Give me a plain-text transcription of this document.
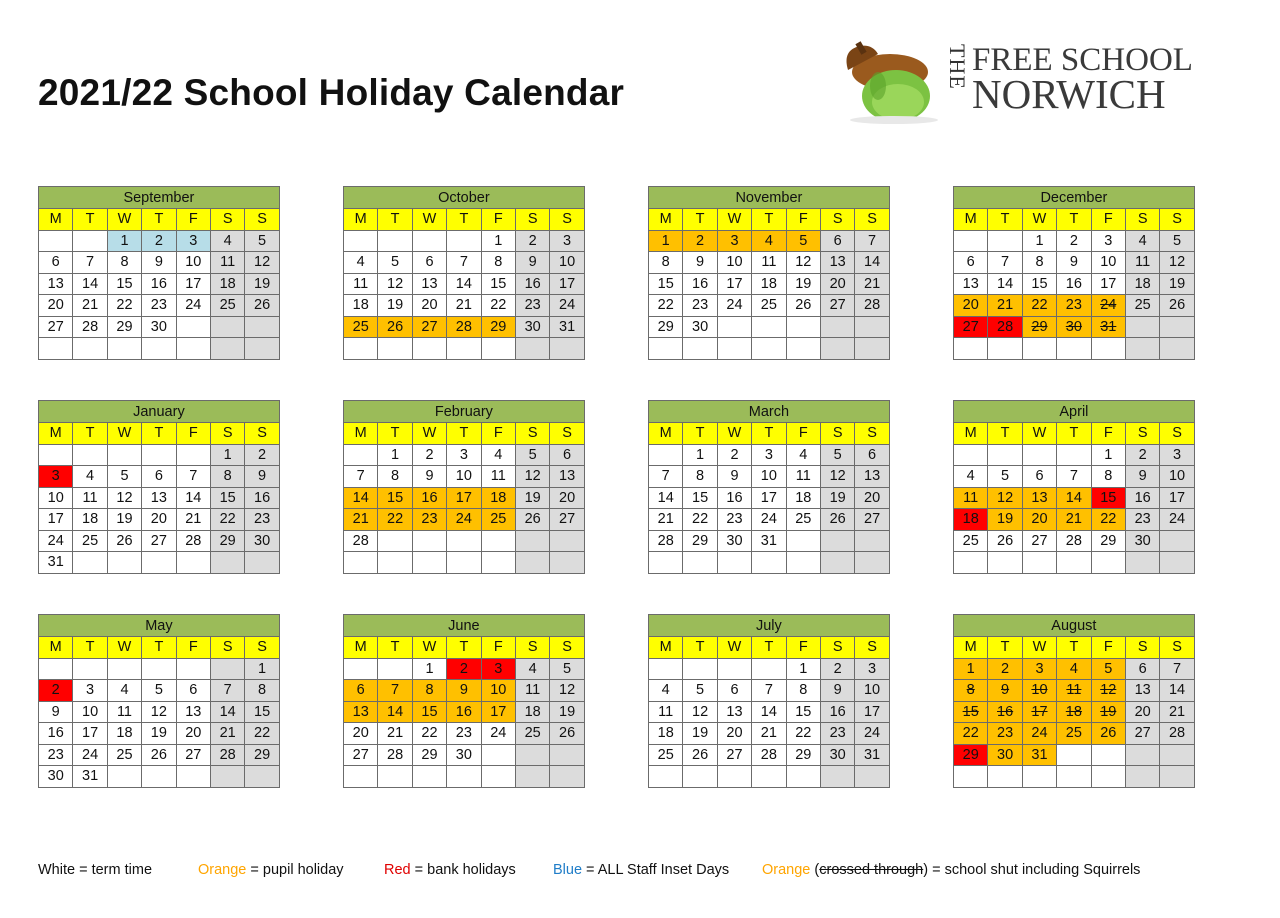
2021/22 School Holiday Calendar
THE FREE SCHOOL
NORWICH
September						
M	T	W	T	F	S	S
		1	2	3	4	5
6	7	8	9	10	11	12
13	14	15	16	17	18	19
20	21	22	23	24	25	26
27	28	29	30			

October						
M	T	W	T	F	S	S
				1	2	3
4	5	6	7	8	9	10
11	12	13	14	15	16	17
18	19	20	21	22	23	24
25	26	27	28	29	30	31

November						
M	T	W	T	F	S	S
1	2	3	4	5	6	7
8	9	10	11	12	13	14
15	16	17	18	19	20	21
22	23	24	25	26	27	28
29	30					

December						
M	T	W	T	F	S	S
		1	2	3	4	5
6	7	8	9	10	11	12
13	14	15	16	17	18	19
20	21	22	23	24	25	26
27	28	29	30	31		

January						
M	T	W	T	F	S	S
					1	2
3	4	5	6	7	8	9
10	11	12	13	14	15	16
17	18	19	20	21	22	23
24	25	26	27	28	29	30
31						
February						
M	T	W	T	F	S	S
	1	2	3	4	5	6
7	8	9	10	11	12	13
14	15	16	17	18	19	20
21	22	23	24	25	26	27
28						

March						
M	T	W	T	F	S	S
	1	2	3	4	5	6
7	8	9	10	11	12	13
14	15	16	17	18	19	20
21	22	23	24	25	26	27
28	29	30	31			

April						
M	T	W	T	F	S	S
				1	2	3
4	5	6	7	8	9	10
11	12	13	14	15	16	17
18	19	20	21	22	23	24
25	26	27	28	29	30	

May						
M	T	W	T	F	S	S
						1
2	3	4	5	6	7	8
9	10	11	12	13	14	15
16	17	18	19	20	21	22
23	24	25	26	27	28	29
30	31					
June						
M	T	W	T	F	S	S
		1	2	3	4	5
6	7	8	9	10	11	12
13	14	15	16	17	18	19
20	21	22	23	24	25	26
27	28	29	30			

July						
M	T	W	T	F	S	S
				1	2	3
4	5	6	7	8	9	10
11	12	13	14	15	16	17
18	19	20	21	22	23	24
25	26	27	28	29	30	31

August						
M	T	W	T	F	S	S
1	2	3	4	5	6	7
8	9	10	11	12	13	14
15	16	17	18	19	20	21
22	23	24	25	26	27	28
29	30	31				

White = term time	Orange = pupil holiday	Red = bank holidays	Blue = ALL Staff Inset Days	Orange (crossed through) = school shut including Squirrels
